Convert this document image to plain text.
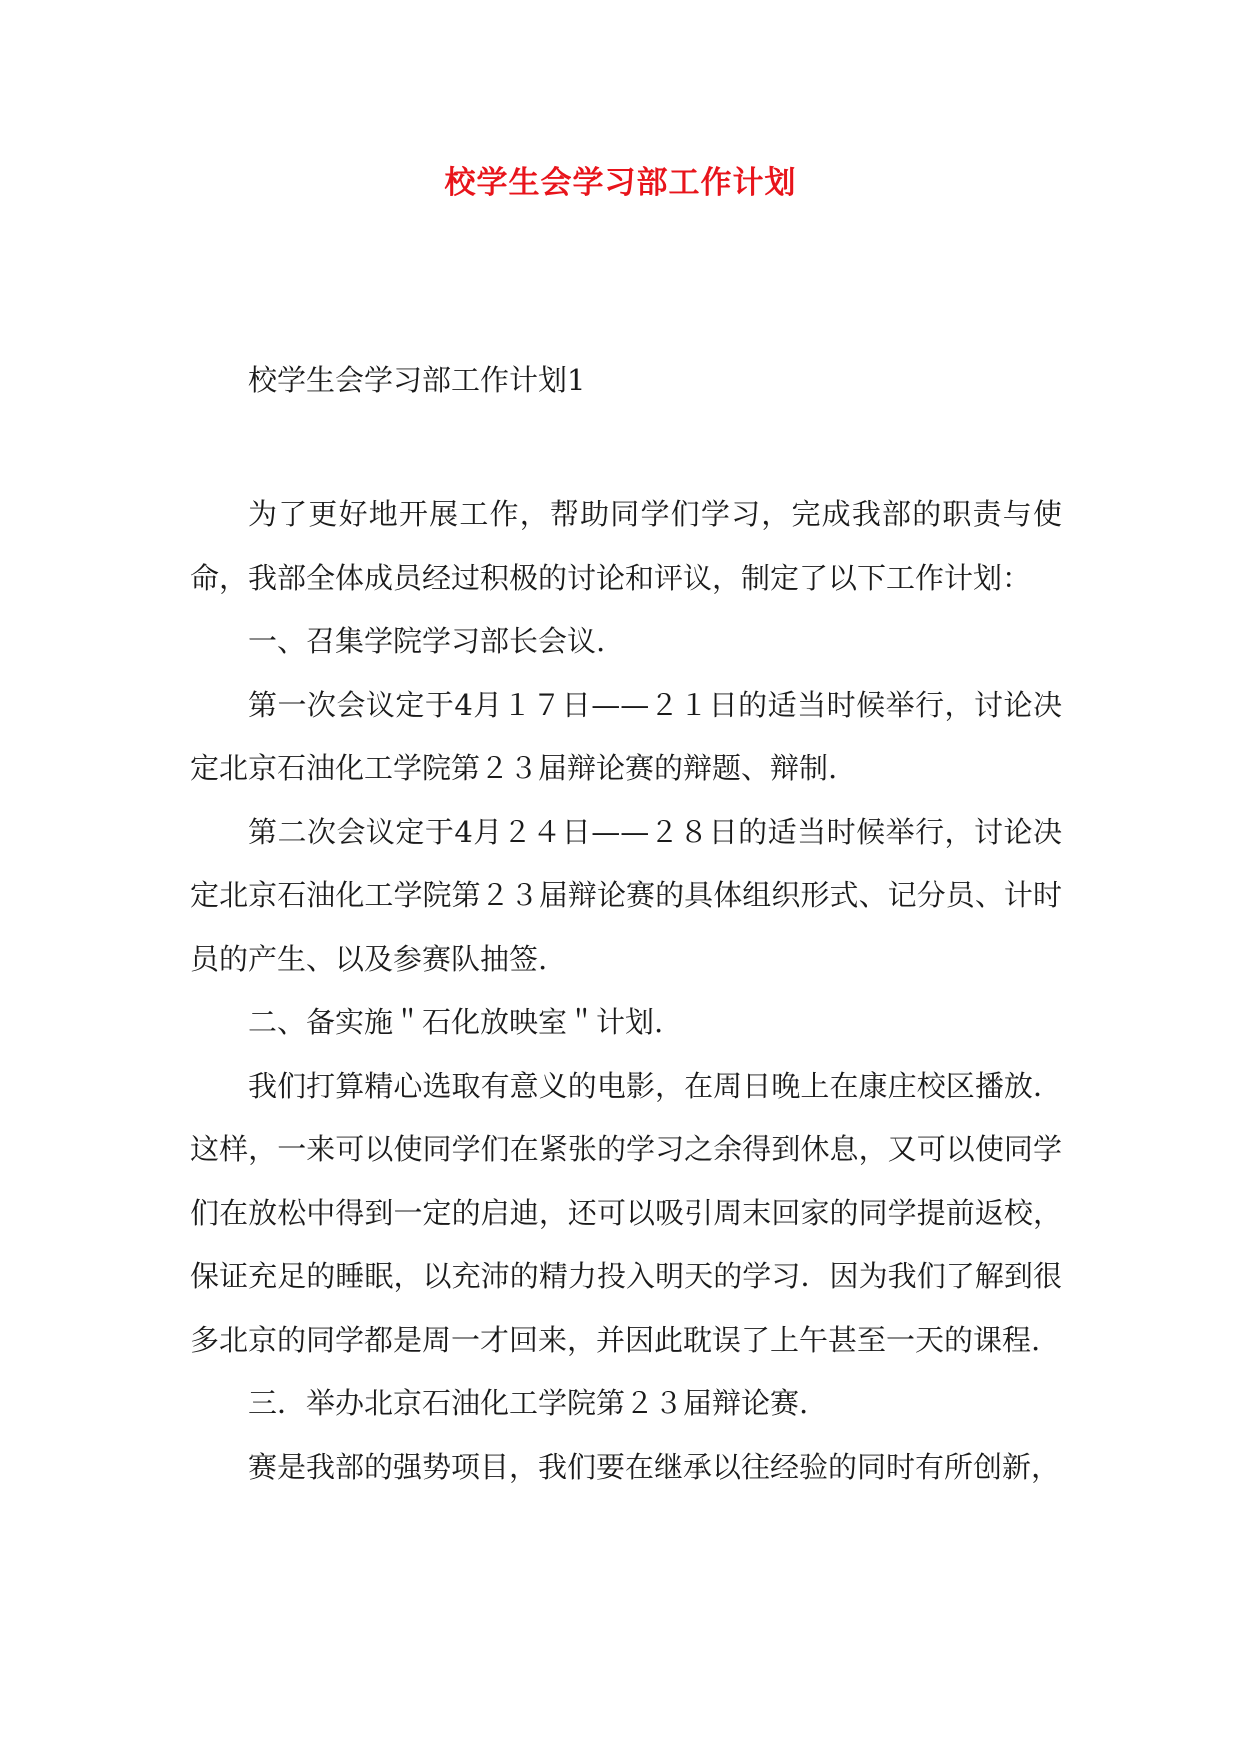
校学生会学习部工作计划
校学生会学习部工作计划1

为了更好地开展工作，帮助同学们学习，完成我部的职责与使命，我部全体成员经过积极的讨论和评议，制定了以下工作计划：

一、召集学院学习部长会议.

第一次会议定于4月１７日——２１日的适当时候举行，讨论决定北京石油化工学院第２３届辩论赛的辩题、辩制.

第二次会议定于4月２４日——２８日的适当时候举行，讨论决定北京石油化工学院第２３届辩论赛的具体组织形式、记分员、计时员的产生、以及参赛队抽签.

二、备实施＂石化放映室＂计划.

我们打算精心选取有意义的电影，在周日晚上在康庄校区播放．这样，一来可以使同学们在紧张的学习之余得到休息，又可以使同学们在放松中得到一定的启迪，还可以吸引周末回家的同学提前返校，保证充足的睡眠，以充沛的精力投入明天的学习．因为我们了解到很多北京的同学都是周一才回来，并因此耽误了上午甚至一天的课程.

三．举办北京石油化工学院第２３届辩论赛.

赛是我部的强势项目，我们要在继承以往经验的同时有所创新，
